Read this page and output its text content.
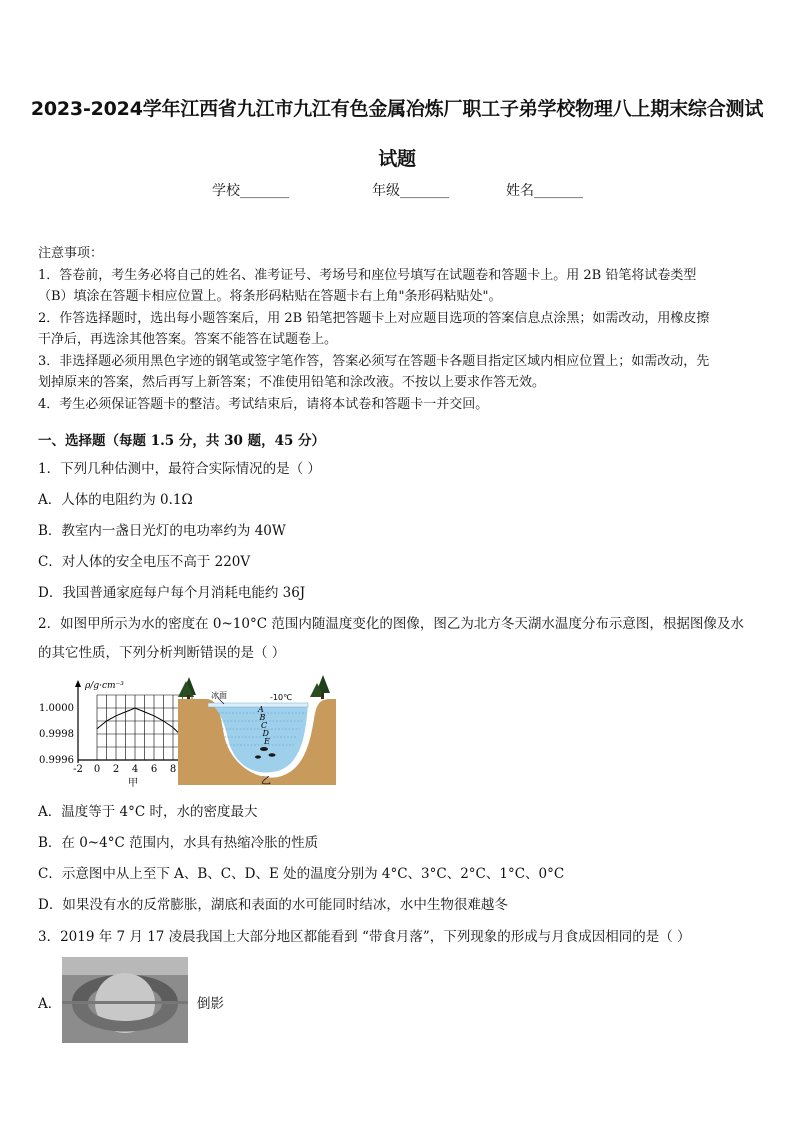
2023-2024学年江西省九江市九江有色金属冶炼厂职工子弟学校物理八上期末综合测试试题
学校_______	年级_______	姓名_______
注意事项：
1．答卷前，考生务必将自己的姓名、准考证号、考场号和座位号填写在试题卷和答题卡上。用 2B 铅笔将试卷类型
（B）填涂在答题卡相应位置上。将条形码粘贴在答题卡右上角"条形码粘贴处"。
2．作答选择题时，选出每小题答案后，用 2B 铅笔把答题卡上对应题目选项的答案信息点涂黑；如需改动，用橡皮擦
干净后，再选涂其他答案。答案不能答在试题卷上。
3．非选择题必须用黑色字迹的钢笔或签字笔作答，答案必须写在答题卡各题目指定区域内相应位置上；如需改动，先
划掉原来的答案，然后再写上新答案；不准使用铅笔和涂改液。不按以上要求作答无效。
4．考生必须保证答题卡的整洁。考试结束后，请将本试卷和答题卡一并交回。
一、选择题（每题 1.5 分，共 30 题，45 分）
1．下列几种估测中，最符合实际情况的是（ ）
A．人体的电阻约为 0.1Ω
B．教室内一盏日光灯的电功率约为 40W
C．对人体的安全电压不高于 220V
D．我国普通家庭每户每个月消耗电能约 36J
2．如图甲所示为水的密度在 0~10°C 范围内随温度变化的图像，图乙为北方冬天湖水温度分布示意图，根据图像及水
的其它性质，下列分析判断错误的是（ ）
ρ/g·cm⁻³
1.0000
0.9998
0.9996
-2 0 2 4 6 8
甲
冰面	-10℃
A
B
C
D
E
乙
A．温度等于 4°C 时，水的密度最大
B．在 0~4°C 范围内，水具有热缩冷胀的性质
C．示意图中从上至下 A、B、C、D、E 处的温度分别为 4°C、3°C、2°C、1°C、0°C
D．如果没有水的反常膨胀，湖底和表面的水可能同时结冰，水中生物很难越冬
3．2019 年 7 月 17 凌晨我国上大部分地区都能看到 “带食月落”，下列现象的形成与月食成因相同的是（ ）
A．	倒影
